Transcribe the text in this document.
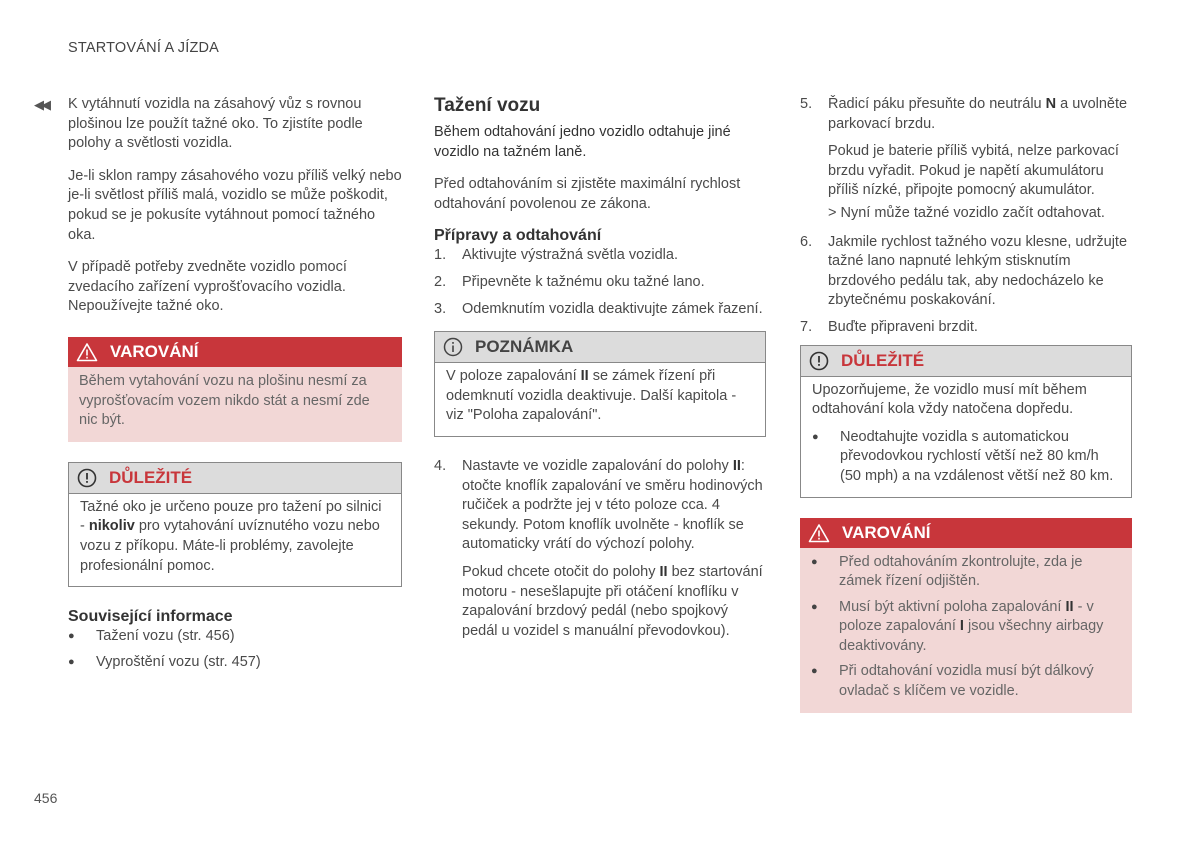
STARTOVÁNÍ A JÍZDA
◀◀ K vytáhnutí vozidla na zásahový vůz s rovnou plošinou lze použít tažné oko. To zjistíte podle polohy a světlosti vozidla.

Je-li sklon rampy zásahového vozu příliš velký nebo je-li světlost příliš malá, vozidlo se může poškodit, pokud se je pokusíte vytáhnout pomocí tažného oka.

V případě potřeby zvedněte vozidlo pomocí zvedacího zařízení vyprošťovacího vozidla. Nepoužívejte tažné oko.

VAROVÁNÍ
Během vytahování vozu na plošinu nesmí za vyprošťovacím vozem nikdo stát a nesmí zde nic být.
DŮLEŽITÉ
Tažné oko je určeno pouze pro tažení po silnici - nikoliv pro vytahování uvíznutého vozu nebo vozu z příkopu. Máte-li problémy, zavolejte profesionální pomoc.
Související informace
● Tažení vozu (str. 456)
● Vyproštění vozu (str. 457)
Tažení vozu

Během odtahování jedno vozidlo odtahuje jiné vozidlo na tažném laně.

Před odtahováním si zjistěte maximální rychlost odtahování povolenou ze zákona.

Přípravy a odtahování
1. Aktivujte výstražná světla vozidla.
2. Připevněte k tažnému oku tažné lano.
3. Odemknutím vozidla deaktivujte zámek řazení.
POZNÁMKA
V poloze zapalování II se zámek řízení při odemknutí vozidla deaktivuje. Další kapitola - viz "Poloha zapalování".
4. Nastavte ve vozidle zapalování do polohy II: otočte knoflík zapalování ve směru hodinových ručiček a podržte jej v této poloze cca. 4 sekundy. Potom knoflík uvolněte - knoflík se automaticky vrátí do výchozí polohy.

Pokud chcete otočit do polohy II bez startování motoru - nesešlapujte při otáčení knoflíku v zapalování brzdový pedál (nebo spojkový pedál u vozidel s manuální převodovkou).

5. Řadicí páku přesuňte do neutrálu N a uvolněte parkovací brzdu.

Pokud je baterie příliš vybitá, nelze parkovací brzdu vyřadit. Pokud je napětí akumulátoru příliš nízké, připojte pomocný akumulátor.

> Nyní může tažné vozidlo začít odtahovat.

6. Jakmile rychlost tažného vozu klesne, udržujte tažné lano napnuté lehkým stisknutím brzdového pedálu tak, aby nedocházelo ke zbytečnému poskakování.
7. Buďte připraveni brzdit.
DŮLEŽITÉ

Upozorňujeme, že vozidlo musí mít během odtahování kola vždy natočena dopředu.

● Neodtahujte vozidla s automatickou převodovkou rychlostí větší než 80 km/h (50 mph) a na vzdálenost větší než 80 km.
VAROVÁNÍ
● Před odtahováním zkontrolujte, zda je zámek řízení odjištěn.
● Musí být aktivní poloha zapalování II - v poloze zapalování I jsou všechny airbagy deaktivovány.
● Při odtahování vozidla musí být dálkový ovladač s klíčem ve vozidle.
456
